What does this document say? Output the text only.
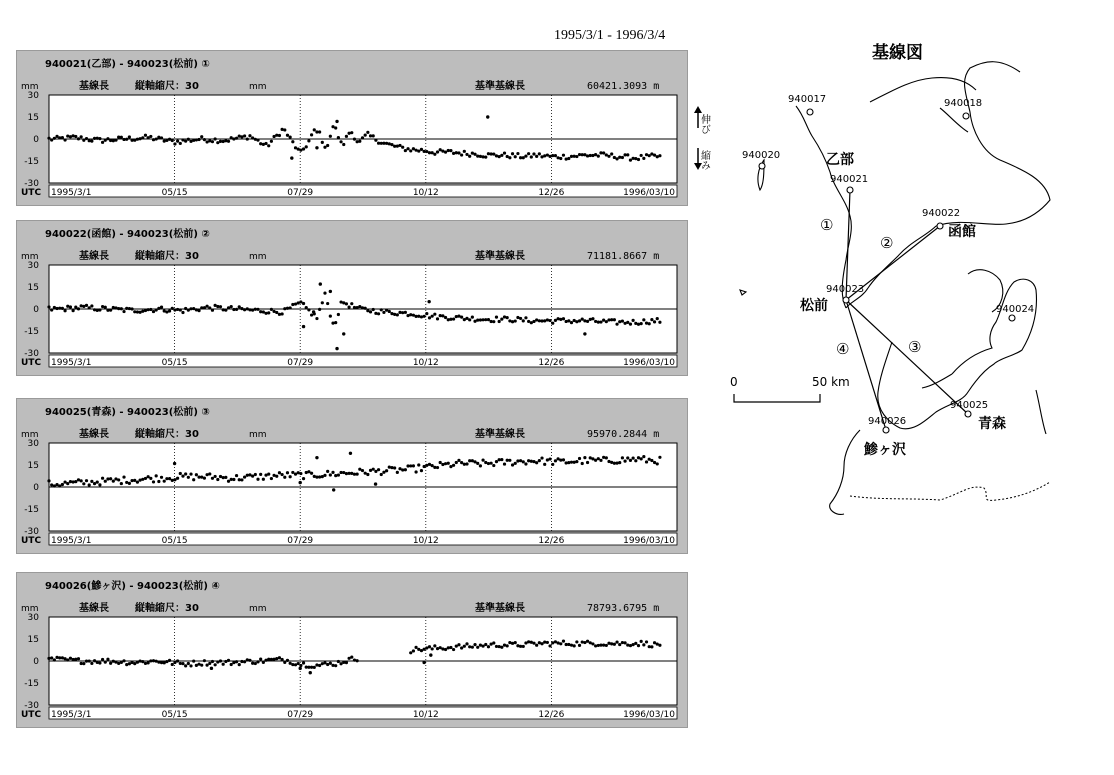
1995/3/1 - 1996/3/4
940021(乙部) - 940023(松前) ①
mm	基線長	縦軸縮尺：30	mm	基準基線長	60421.3093 m
30
15
0
-15
-30
UTC 1995/3/1	05/15	07/29	10/12	12/26	1996/03/10
940022(函館) - 940023(松前) ②
mm	基線長	縦軸縮尺：30	mm	基準基線長	71181.8667 m
30
15
0
-15
-30
UTC 1995/3/1	05/15	07/29	10/12	12/26	1996/03/10
940025(青森) - 940023(松前) ③
mm	基線長	縦軸縮尺：30	mm	基準基線長	95970.2844 m
30
15
0
-15
-30
UTC 1995/3/1	05/15	07/29	10/12	12/26	1996/03/10
940026(鰺ヶ沢) - 940023(松前) ④
mm	基線長	縦軸縮尺：30	mm	基準基線長	78793.6795 m
30
15
0
-15
-30
UTC 1995/3/1	05/15	07/29	10/12	12/26	1996/03/10
伸び
縮み
基線図
940017	940018
940020
940021
940022
940023
940024
940025
940026
乙部
函館
松前
青森
鯵ヶ沢
①
②
③
④
0	50 km
